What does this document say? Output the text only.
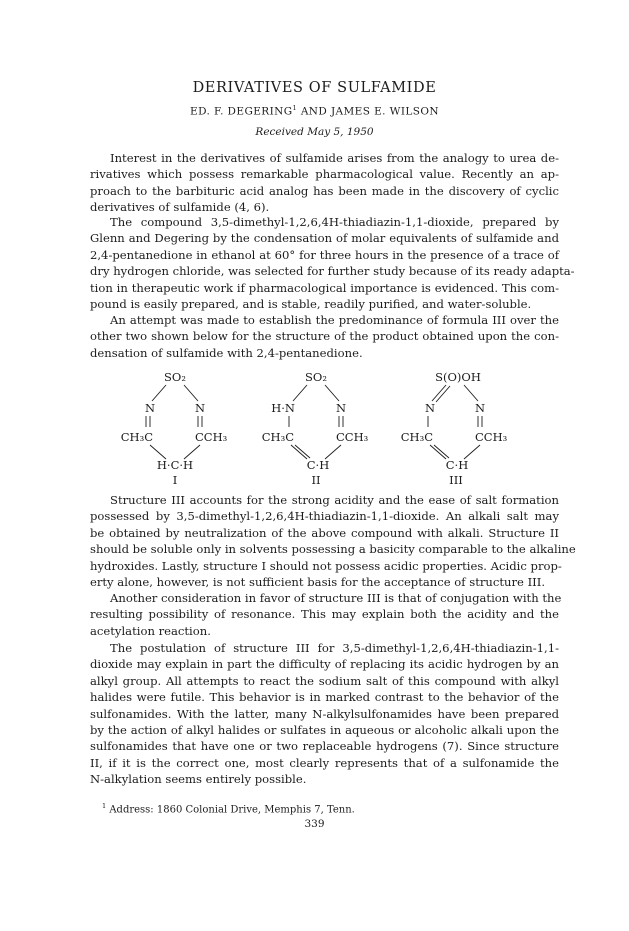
DERIVATIVES OF SULFAMIDE
ED. F. DEGERING$^1$ AND JAMES E. WILSON
Received May 5, 1950
Interest in the derivatives of sulfamide arises from the analogy to urea de-
rivatives which possess remarkable pharmacological value. Recently an ap-
proach to the barbituric acid analog has been made in the discovery of cyclic
derivatives of sulfamide (4, 6).
The compound 3,5-dimethyl-1,2,6,4H-thiadiazin-1,1-dioxide, prepared by
Glenn and Degering by the condensation of molar equivalents of sulfamide and
2,4-pentanedione in ethanol at 60° for three hours in the presence of a trace of
dry hydrogen chloride, was selected for further study because of its ready adapta-
tion in therapeutic work if pharmacological importance is evidenced. This com-
pound is easily prepared, and is stable, readily purified, and water-soluble.
An attempt was made to establish the predominance of formula III over the
other two shown below for the structure of the product obtained upon the con-
densation of sulfamide with 2,4-pentanedione.
SO₂
N	N
CH₃C	CCH₃
H·C·H
I
SO₂
H·N	N
CH₃C	CCH₃
C·H
II
S(O)OH
N	N
CH₃C	CCH₃
C·H
III
Structure III accounts for the strong acidity and the ease of salt formation
possessed by 3,5-dimethyl-1,2,6,4H-thiadiazin-1,1-dioxide. An alkali salt may
be obtained by neutralization of the above compound with alkali. Structure II
should be soluble only in solvents possessing a basicity comparable to the alkaline
hydroxides. Lastly, structure I should not possess acidic properties. Acidic prop-
erty alone, however, is not sufficient basis for the acceptance of structure III.
Another consideration in favor of structure III is that of conjugation with the
resulting possibility of resonance. This may explain both the acidity and the
acetylation reaction.
The postulation of structure III for 3,5-dimethyl-1,2,6,4H-thiadiazin-1,1-
dioxide may explain in part the difficulty of replacing its acidic hydrogen by an
alkyl group. All attempts to react the sodium salt of this compound with alkyl
halides were futile. This behavior is in marked contrast to the behavior of the
sulfonamides. With the latter, many N-alkylsulfonamides have been prepared
by the action of alkyl halides or sulfates in aqueous or alcoholic alkali upon the
sulfonamides that have one or two replaceable hydrogens (7). Since structure
II, if it is the correct one, most clearly represents that of a sulfonamide the
N-alkylation seems entirely possible.
$^1$ Address: 1860 Colonial Drive, Memphis 7, Tenn.
339
